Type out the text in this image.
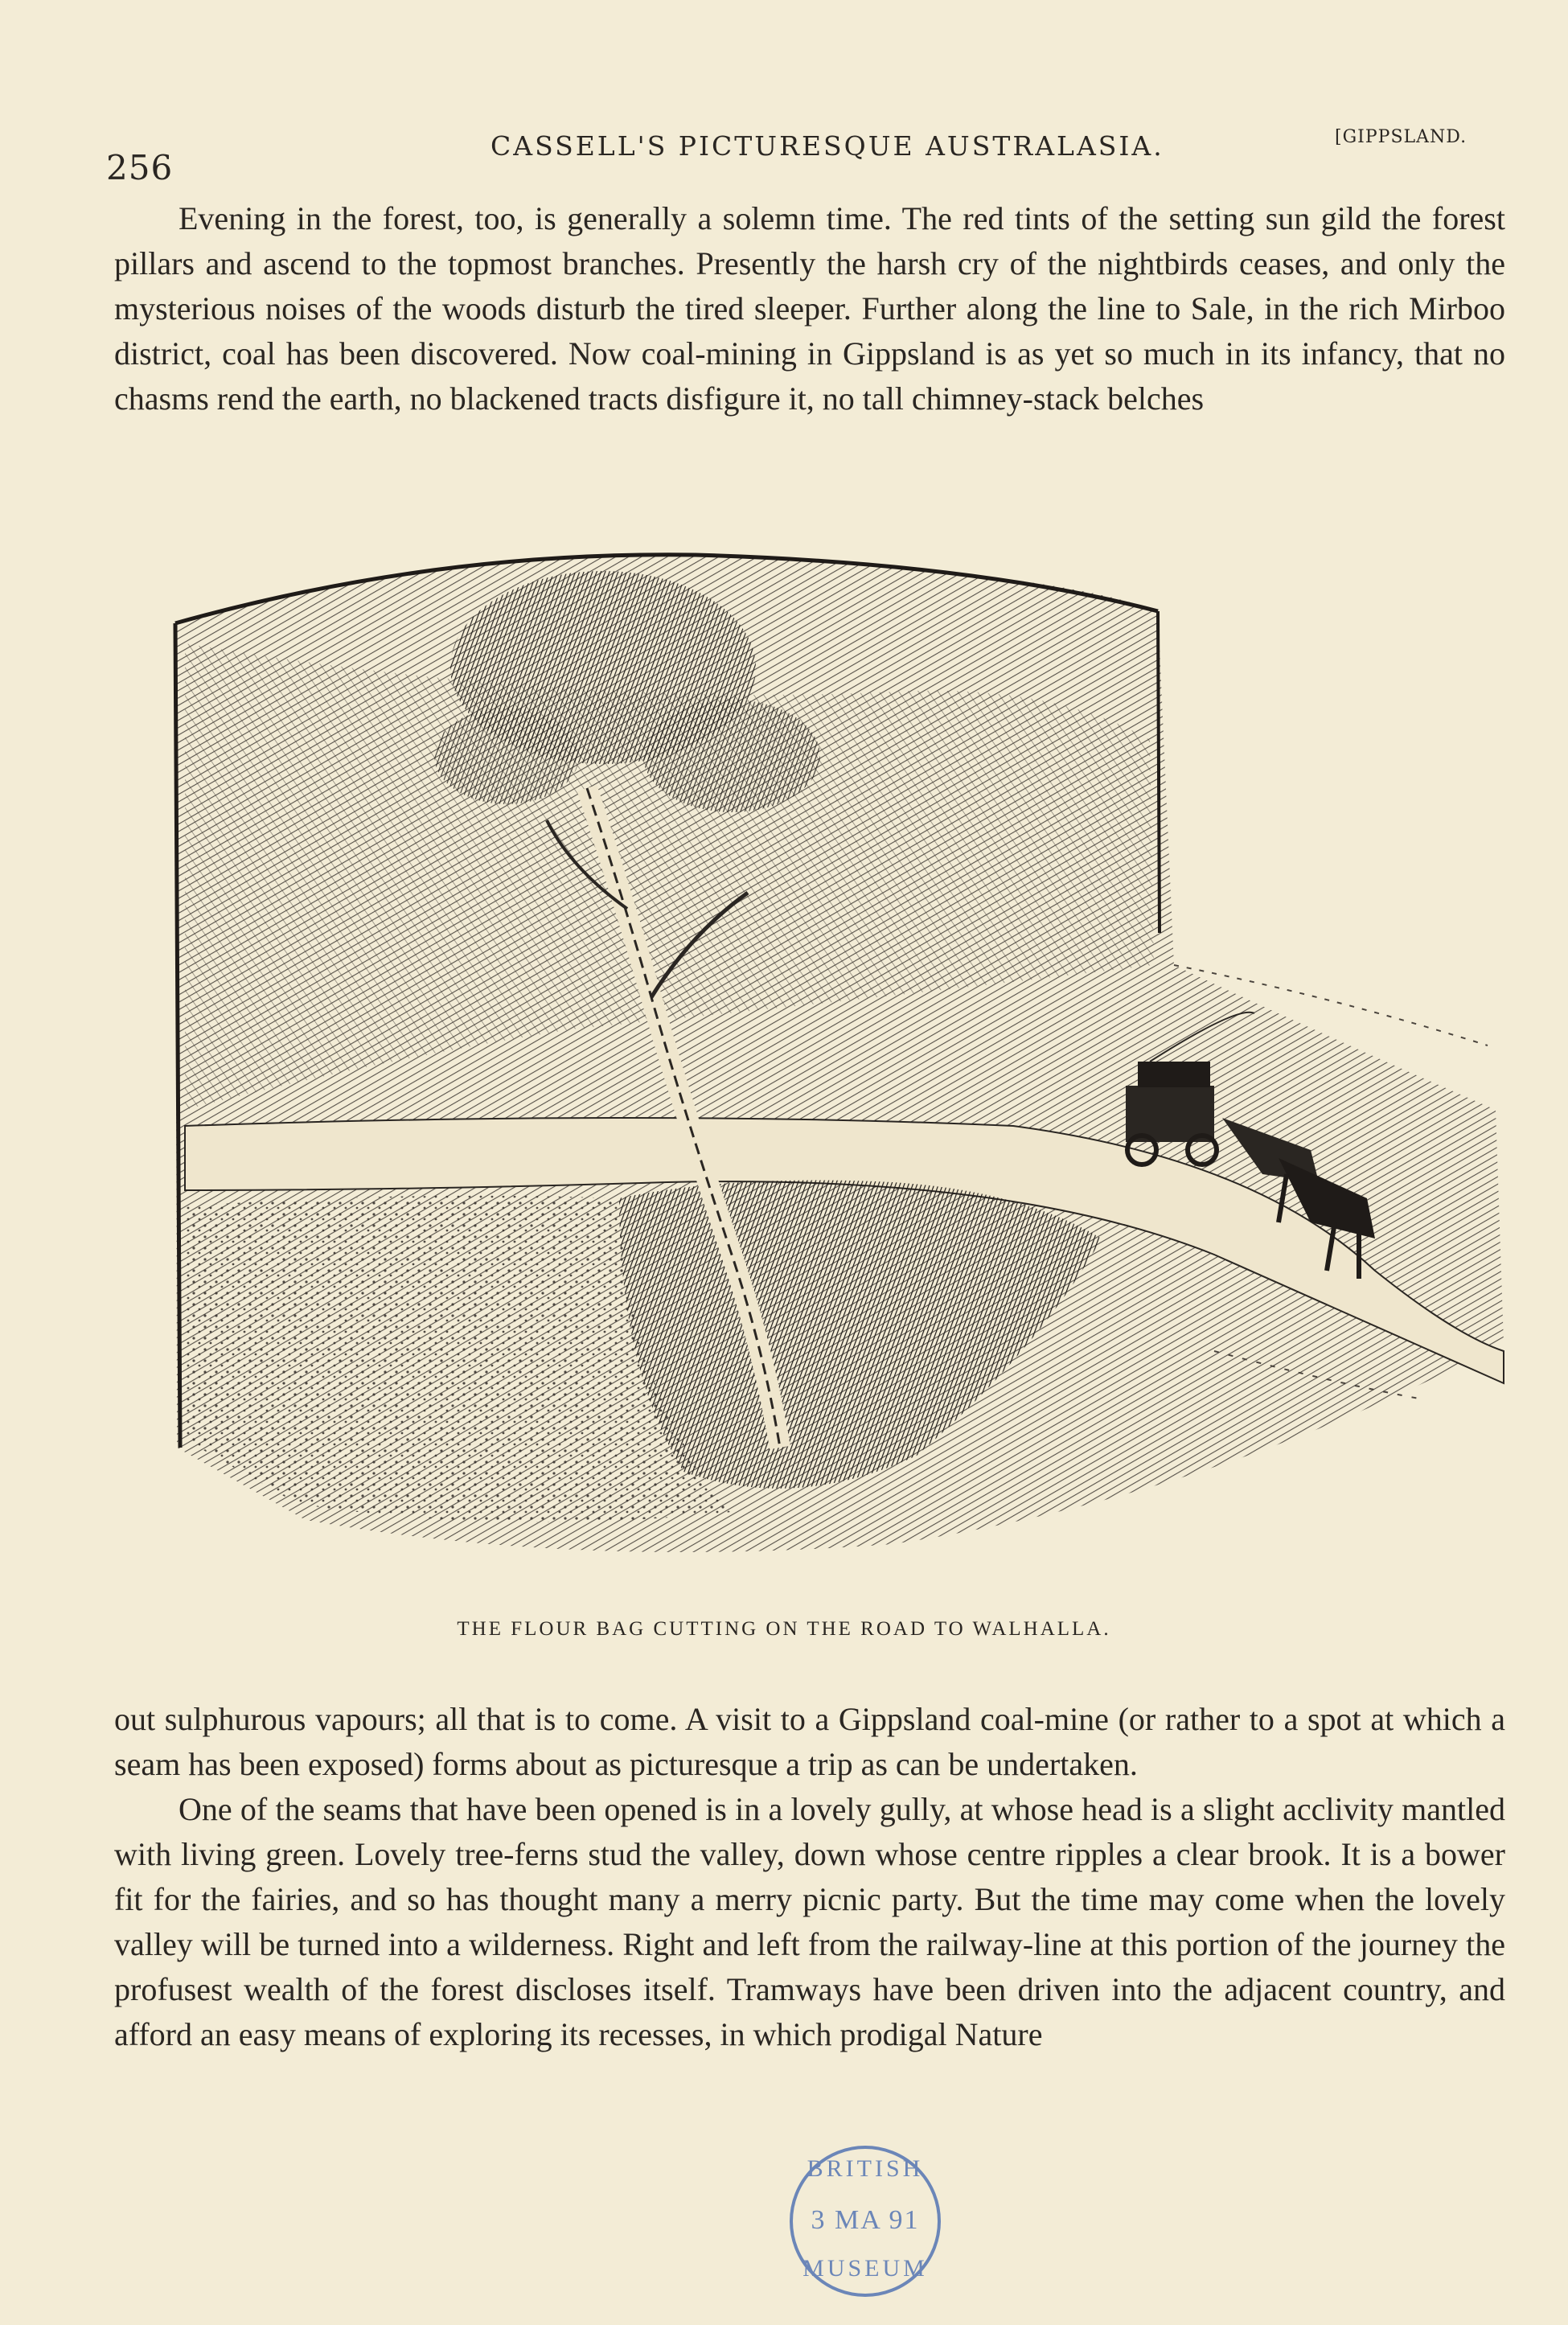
256
CASSELL'S PICTURESQUE AUSTRALASIA.	[GIPPSLAND.

Evening in the forest, too, is generally a solemn time. The red tints of the setting sun gild the forest pillars and ascend to the topmost branches. Presently the harsh cry of the nightbirds ceases, and only the mysterious noises of the woods disturb the tired sleeper. Further along the line to Sale, in the rich Mirboo district, coal has been discovered. Now coal-mining in Gippsland is as yet so much in its infancy, that no chasms rend the earth, no blackened tracts disfigure it, no tall chimney-stack belches

THE FLOUR BAG CUTTING ON THE ROAD TO WALHALLA.

out sulphurous vapours; all that is to come. A visit to a Gippsland coal-mine (or rather to a spot at which a seam has been exposed) forms about as picturesque a trip as can be undertaken.

One of the seams that have been opened is in a lovely gully, at whose head is a slight acclivity mantled with living green. Lovely tree-ferns stud the valley, down whose centre ripples a clear brook. It is a bower fit for the fairies, and so has thought many a merry picnic party. But the time may come when the lovely valley will be turned into a wilderness. Right and left from the railway-line at this portion of the journey the profusest wealth of the forest discloses itself. Tramways have been driven into the adjacent country, and afford an easy means of exploring its recesses, in which prodigal Nature

BRITISH
3 MA 91
MUSEUM
